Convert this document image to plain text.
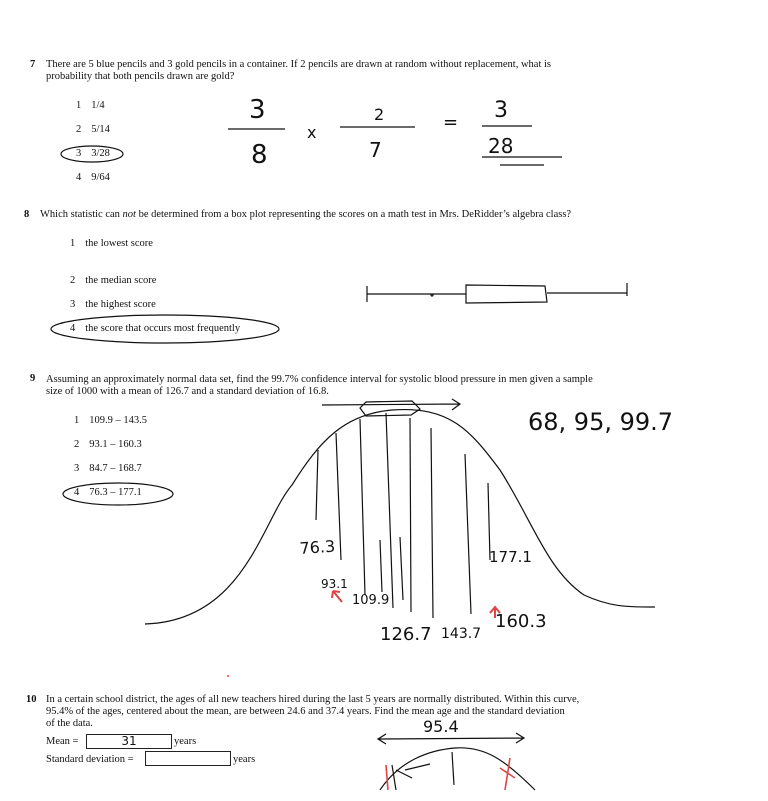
7 There are 5 blue pencils and 3 gold pencils in a container. If 2 pencils are drawn at random without replacement, what is
probability that both pencils drawn are gold?
1 1/4
2 5/14
3 3/28
4 9/64
8 Which statistic can not be determined from a box plot representing the scores on a math test in Mrs. DeRidder’s algebra class?
1 the lowest score
2 the median score
3 the highest score
4 the score that occurs most frequently
9 Assuming an approximately normal data set, find the 99.7% confidence interval for systolic blood pressure in men given a sample
size of 1000 with a mean of 126.7 and a standard deviation of 16.8.
1 109.9 – 143.5
2 93.1 – 160.3
3 84.7 – 168.7
4 76.3 – 177.1
10 In a certain school district, the ages of all new teachers hired during the last 5 years are normally distributed. Within this curve,
95.4% of the ages, centered about the mean, are between 24.6 and 37.4 years. Find the mean age and the standard deviation
of the data.
Mean =	31	years
Standard deviation =	years
3
8
x
2
7
= 3
28
68, 95, 99.7
76.3
93.1
109.9
126.7 143.7
160.3
177.1
95.4
